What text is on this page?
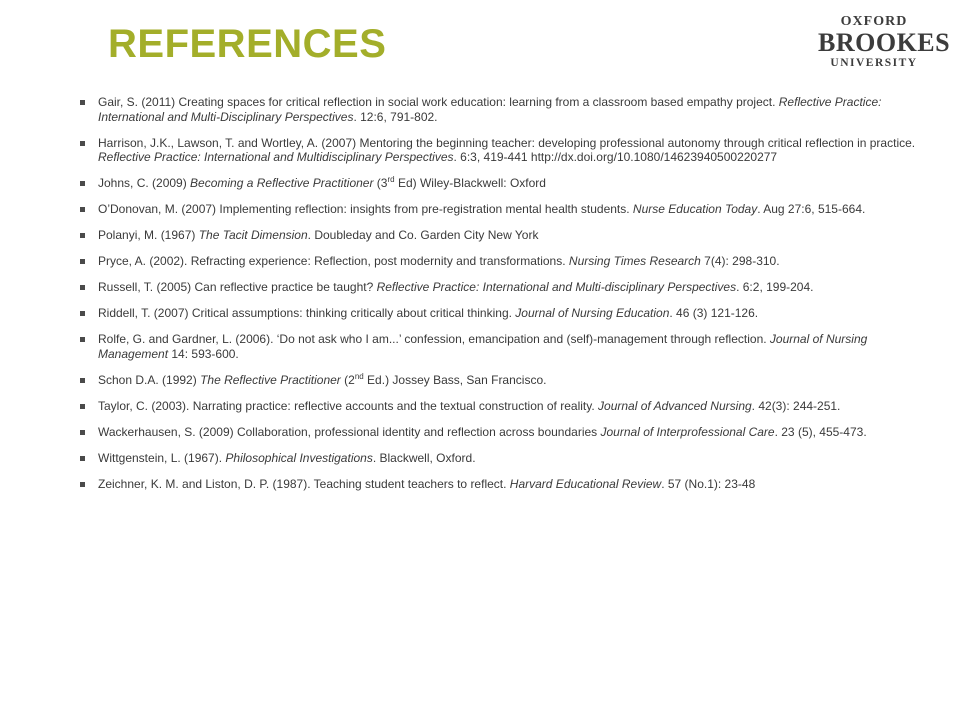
REFERENCES
OXFORD
BROOKES
UNIVERSITY
Gair, S. (2011) Creating spaces for critical reflection in social work education: learning from a classroom based empathy project. Reflective Practice: International and Multi-Disciplinary Perspectives. 12:6, 791-802.
Harrison, J.K., Lawson, T. and Wortley, A. (2007) Mentoring the beginning teacher: developing professional autonomy through critical reflection in practice. Reflective Practice: International and Multidisciplinary Perspectives. 6:3, 419-441 http://dx.doi.org/10.1080/14623940500220277
Johns, C. (2009) Becoming a Reflective Practitioner (3rd Ed) Wiley-Blackwell: Oxford
O’Donovan, M. (2007) Implementing reflection: insights from pre-registration mental health students. Nurse Education Today. Aug 27:6, 515-664.
Polanyi, M. (1967) The Tacit Dimension. Doubleday and Co. Garden City New York
Pryce, A. (2002). Refracting experience: Reflection, post modernity and transformations. Nursing Times Research 7(4): 298-310.
Russell, T. (2005) Can reflective practice be taught? Reflective Practice: International and Multi-disciplinary Perspectives. 6:2, 199-204.
Riddell, T. (2007) Critical assumptions: thinking critically about critical thinking. Journal of Nursing Education. 46 (3) 121-126.
Rolfe, G. and Gardner, L. (2006). ‘Do not ask who I am...’ confession, emancipation and (self)-management through reflection. Journal of Nursing Management 14: 593-600.
Schon D.A. (1992) The Reflective Practitioner (2nd Ed.) Jossey Bass, San Francisco.
Taylor, C. (2003). Narrating practice: reflective accounts and the textual construction of reality. Journal of Advanced Nursing. 42(3): 244-251.
Wackerhausen, S. (2009) Collaboration, professional identity and reflection across boundaries Journal of Interprofessional Care. 23 (5), 455-473.
Wittgenstein, L. (1967). Philosophical Investigations. Blackwell, Oxford.
Zeichner, K. M. and Liston, D. P. (1987). Teaching student teachers to reflect. Harvard Educational Review. 57 (No.1): 23-48
